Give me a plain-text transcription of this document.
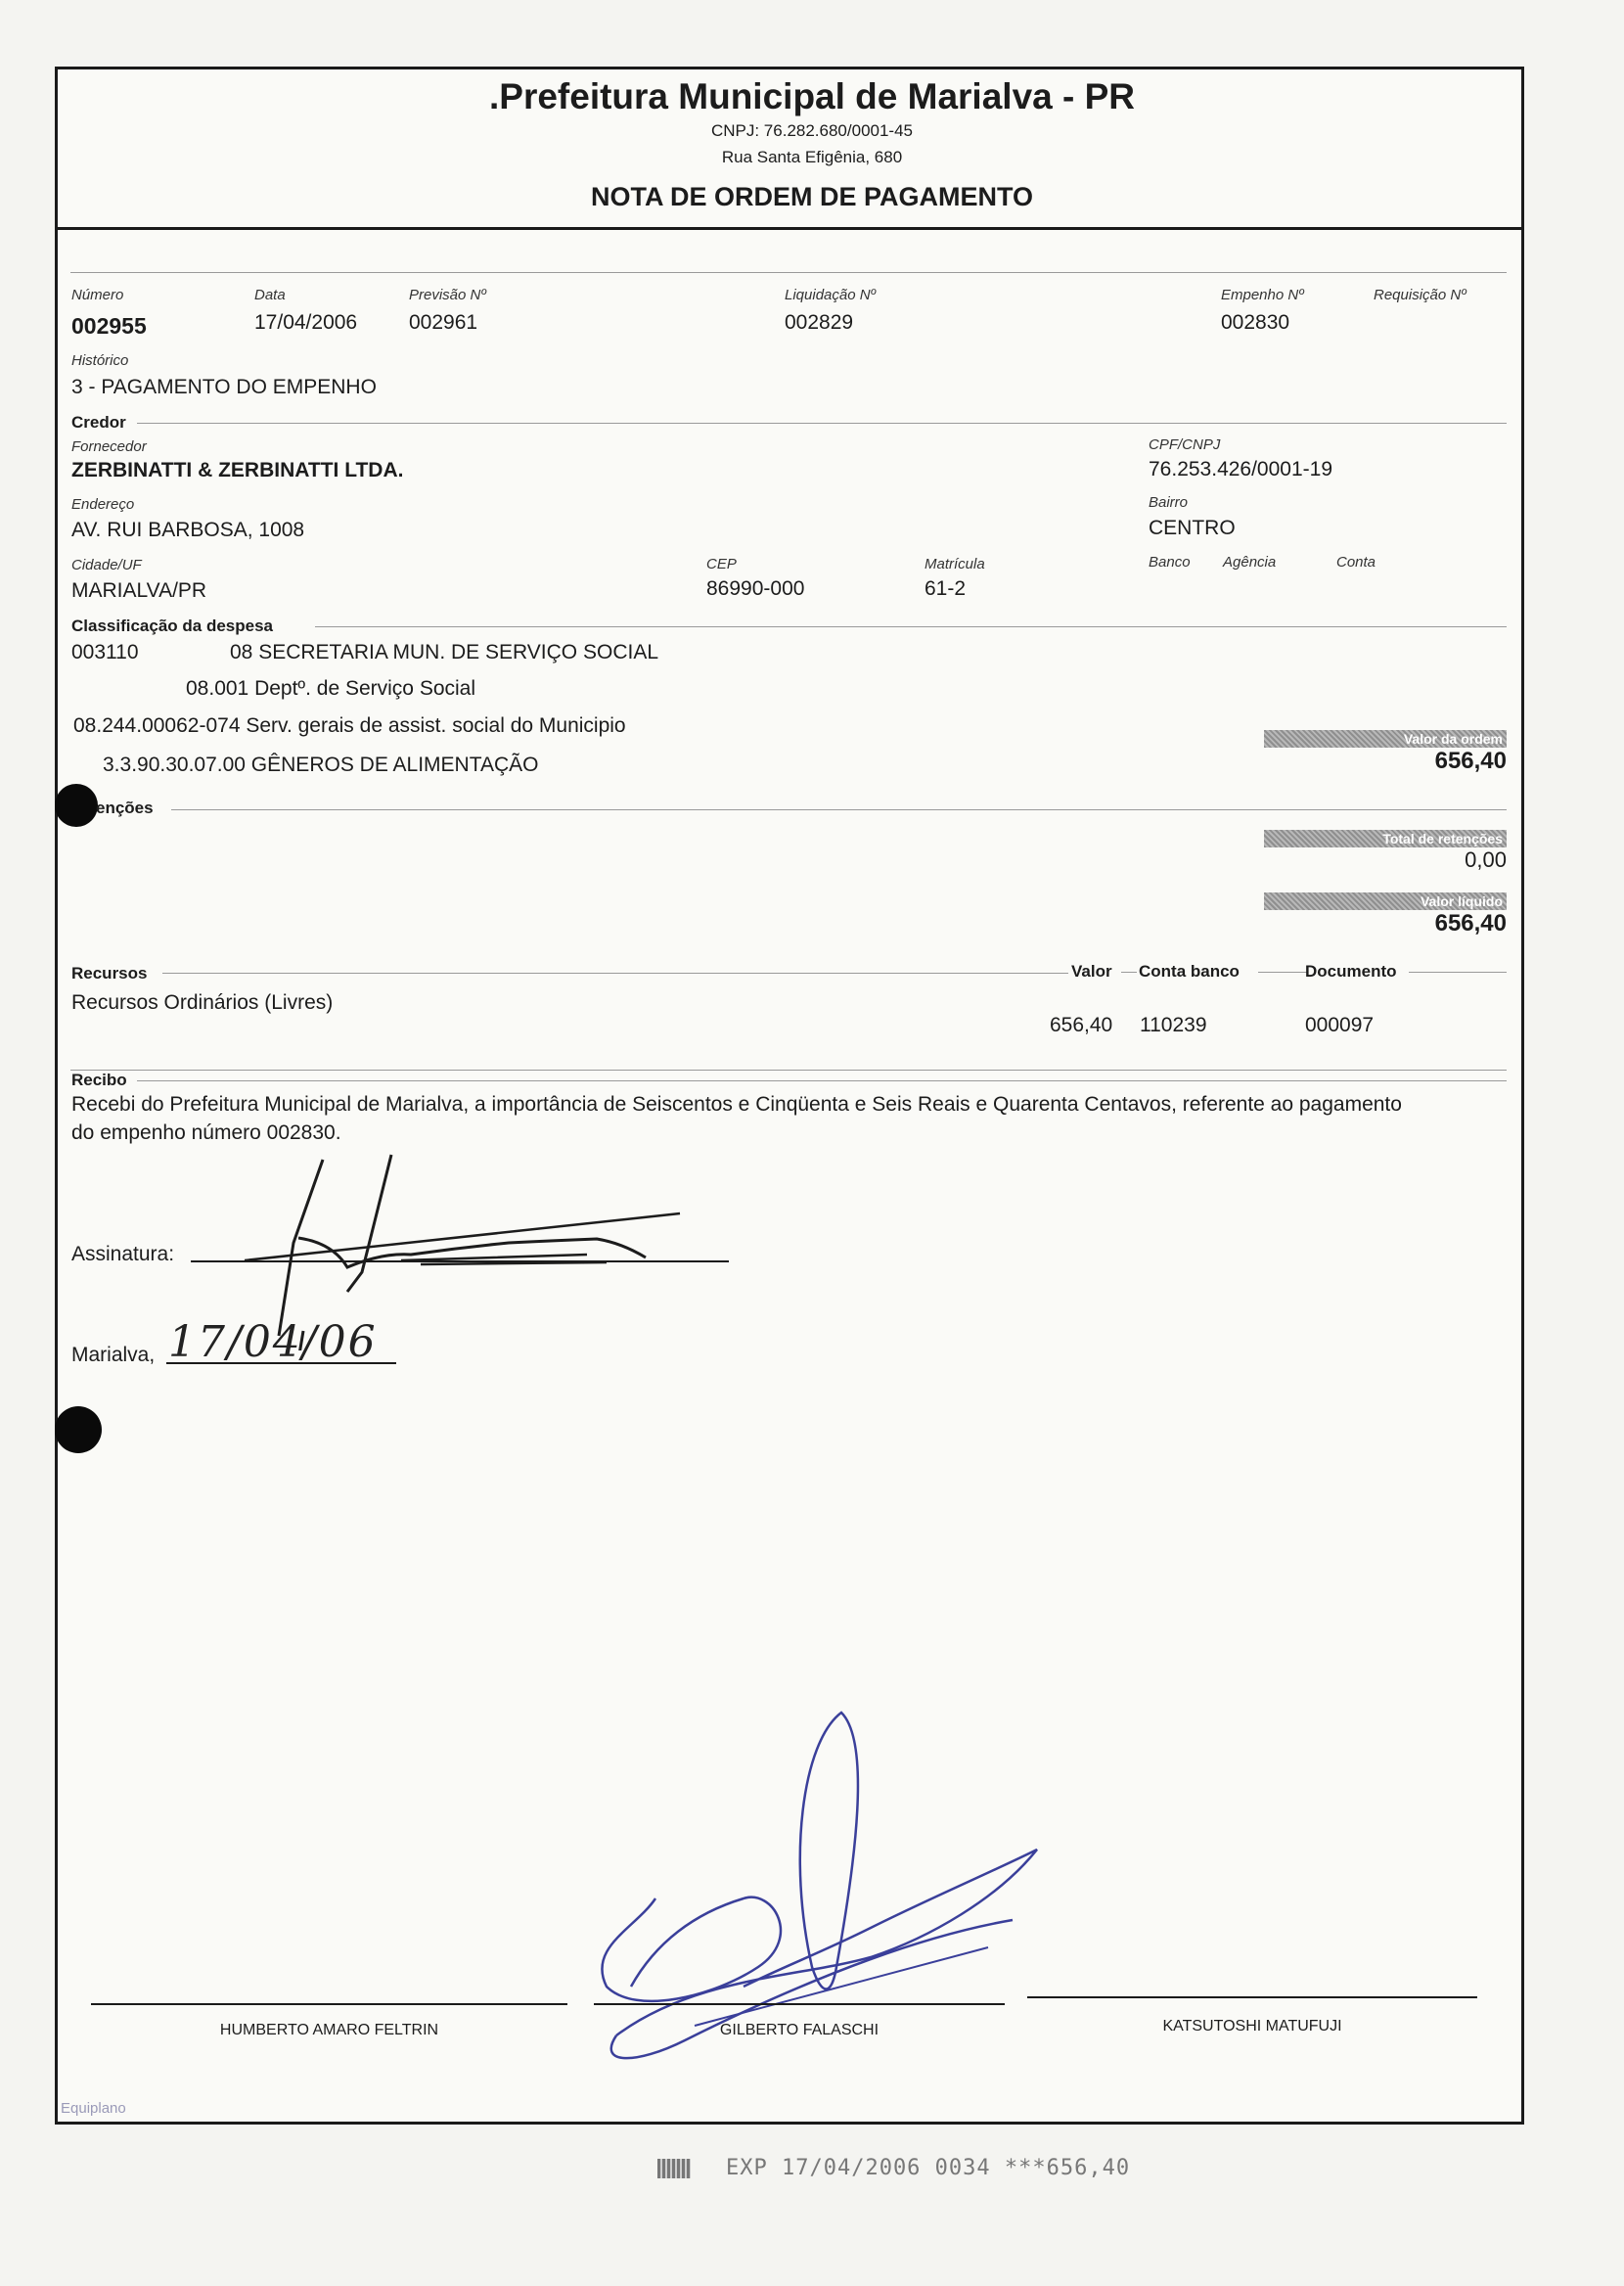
.Prefeitura Municipal de Marialva - PR
CNPJ: 76.282.680/0001-45
Rua Santa Efigênia, 680
NOTA DE ORDEM DE PAGAMENTO
Número
002955
Data
17/04/2006
Previsão Nº
002961
Liquidação Nº
002829
Empenho Nº
002830
Requisição Nº
Histórico
3 - PAGAMENTO DO EMPENHO
Credor
Fornecedor
ZERBINATTI & ZERBINATTI LTDA.
CPF/CNPJ
76.253.426/0001-19
Endereço
AV. RUI BARBOSA, 1008
Bairro
CENTRO
Cidade/UF
MARIALVA/PR
CEP
86990-000
Matrícula
61-2
Banco Agência	Conta
Classificação da despesa
003110	08 SECRETARIA MUN. DE SERVIÇO SOCIAL
08.001 Deptº. de Serviço Social
08.244.00062-074 Serv. gerais de assist. social do Municipio
3.3.90.30.07.00 GÊNEROS DE ALIMENTAÇÃO
Valor da ordem
656,40
enções
Total de retenções
0,00
Valor líquido
656,40
Recursos	Valor Conta banco	Documento
Recursos Ordinários (Livres)
656,40 110239	000097
Recibo
Recebi do Prefeitura Municipal de Marialva, a importância de Seiscentos e Cinqüenta e Seis Reais e Quarenta Centavos, referente ao pagamento
do empenho número 002830.
Assinatura:
Marialva, 17/04/06
HUMBERTO AMARO FELTRIN	GILBERTO FALASCHI	KATSUTOSHI MATUFUJI
Equiplano
EXP 17/04/2006 0034 ***656,40
